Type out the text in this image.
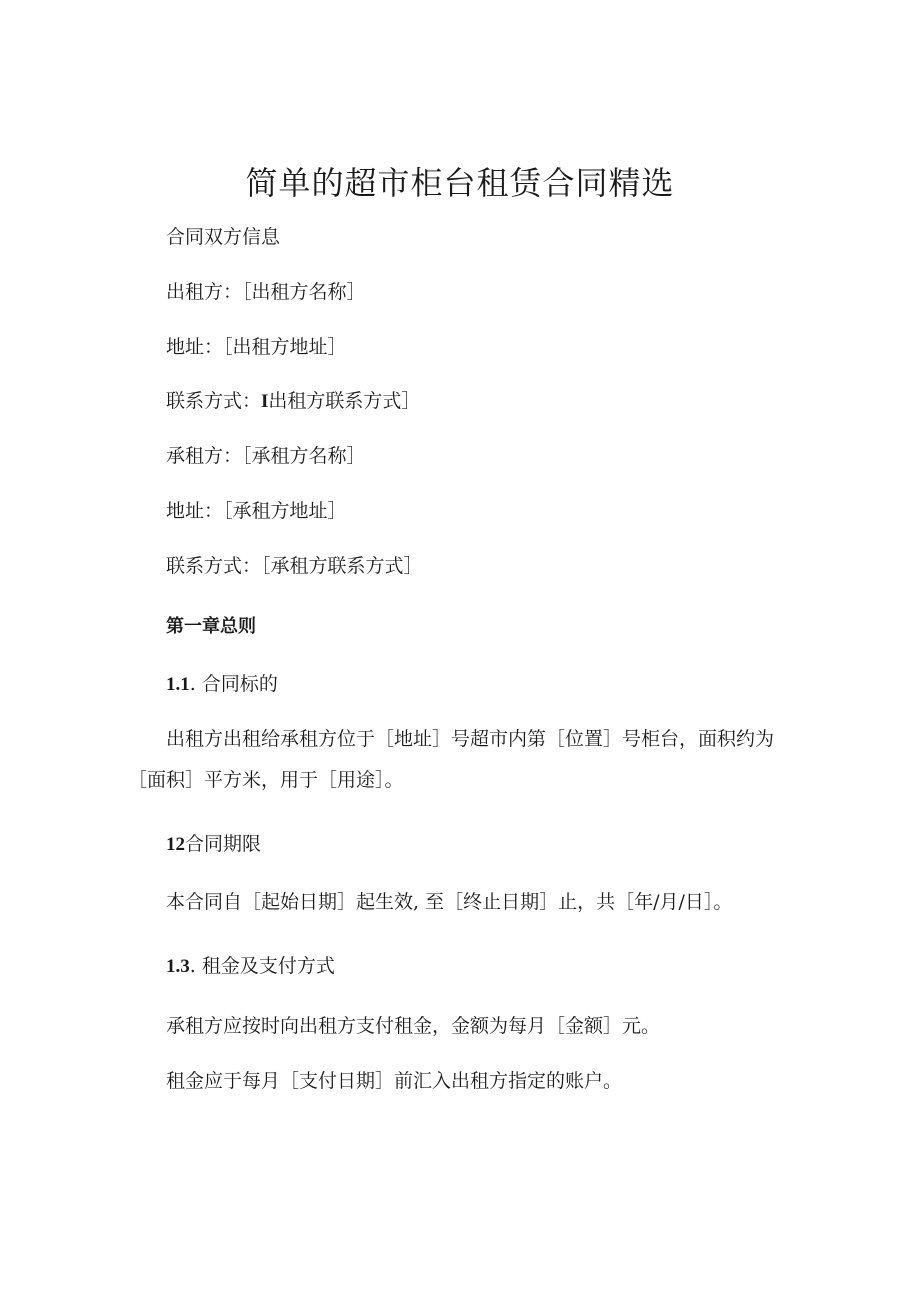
简单的超市柜台租赁合同精选
合同双方信息
出租方：［出租方名称］
地址：［出租方地址］
联系方式：I出租方联系方式］
承租方：［承租方名称］
地址：［承租方地址］
联系方式：［承租方联系方式］
第一章总则
1.1. 合同标的
出租方出租给承租方位于［地址］号超市内第［位置］号柜台，面积约为［面积］平方米，用于［用途］。
12合同期限
本合同自［起始日期］起生效, 至［终止日期］止，共［年/月/日］。
1.3. 租金及支付方式
承租方应按时向出租方支付租金，金额为每月［金额］元。
租金应于每月［支付日期］前汇入出租方指定的账户。
